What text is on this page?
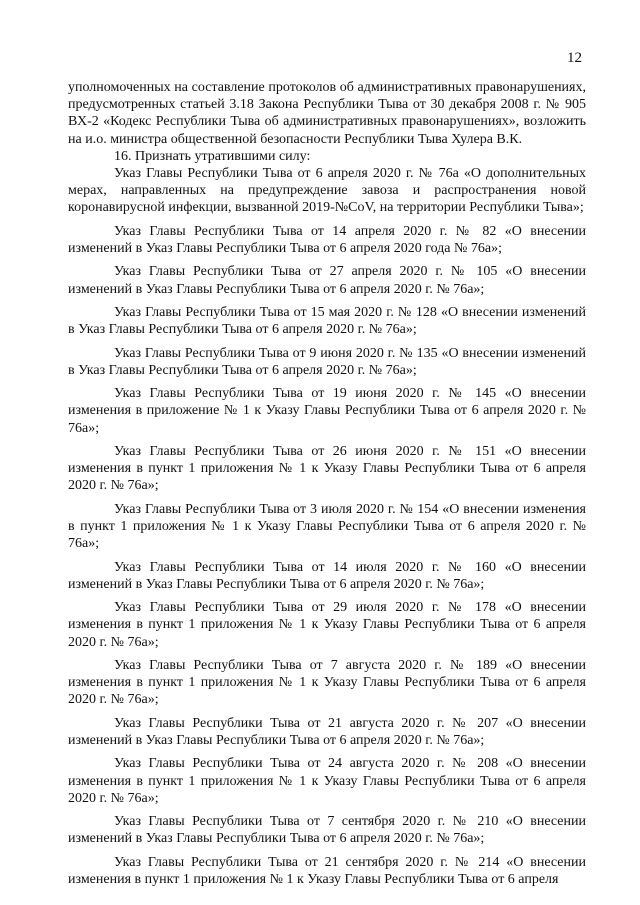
12

уполномоченных на составление протоколов об административных правонарушениях, предусмотренных статьей 3.18 Закона Республики Тыва от 30 декабря 2008 г. № 905 ВХ-2 «Кодекс Республики Тыва об административных правонарушениях», возложить на и.о. министра общественной безопасности Республики Тыва Хулера В.К.

16. Признать утратившими силу:

Указ Главы Республики Тыва от 6 апреля 2020 г. № 76а «О дополнительных мерах, направленных на предупреждение завоза и распространения новой коронавирусной инфекции, вызванной 2019-№CoV, на территории Республики Тыва»;

Указ Главы Республики Тыва от 14 апреля 2020 г. № 82 «О внесении изменений в Указ Главы Республики Тыва от 6 апреля 2020 года № 76а»;

Указ Главы Республики Тыва от 27 апреля 2020 г. № 105 «О внесении изменений в Указ Главы Республики Тыва от 6 апреля 2020 г. № 76а»;

Указ Главы Республики Тыва от 15 мая 2020 г. № 128 «О внесении изменений в Указ Главы Республики Тыва от 6 апреля 2020 г. № 76а»;

Указ Главы Республики Тыва от 9 июня 2020 г. № 135 «О внесении изменений в Указ Главы Республики Тыва от 6 апреля 2020 г. № 76а»;

Указ Главы Республики Тыва от 19 июня 2020 г. № 145 «О внесении изменения в приложение № 1 к Указу Главы Республики Тыва от 6 апреля 2020 г. № 76а»;

Указ Главы Республики Тыва от 26 июня 2020 г. № 151 «О внесении изменения в пункт 1 приложения № 1 к Указу Главы Республики Тыва от 6 апреля 2020 г. № 76а»;

Указ Главы Республики Тыва от 3 июля 2020 г. № 154 «О внесении изменения в пункт 1 приложения № 1 к Указу Главы Республики Тыва от 6 апреля 2020 г. № 76а»;

Указ Главы Республики Тыва от 14 июля 2020 г. № 160 «О внесении изменений в Указ Главы Республики Тыва от 6 апреля 2020 г. № 76а»;

Указ Главы Республики Тыва от 29 июля 2020 г. № 178 «О внесении изменения в пункт 1 приложения № 1 к Указу Главы Республики Тыва от 6 апреля 2020 г. № 76а»;

Указ Главы Республики Тыва от 7 августа 2020 г. № 189 «О внесении изменения в пункт 1 приложения № 1 к Указу Главы Республики Тыва от 6 апреля 2020 г. № 76а»;

Указ Главы Республики Тыва от 21 августа 2020 г. № 207 «О внесении изменений в Указ Главы Республики Тыва от 6 апреля 2020 г. № 76а»;

Указ Главы Республики Тыва от 24 августа 2020 г. № 208 «О внесении изменения в пункт 1 приложения № 1 к Указу Главы Республики Тыва от 6 апреля 2020 г. № 76а»;

Указ Главы Республики Тыва от 7 сентября 2020 г. № 210 «О внесении изменений в Указ Главы Республики Тыва от 6 апреля 2020 г. № 76а»;

Указ Главы Республики Тыва от 21 сентября 2020 г. № 214 «О внесении изменения в пункт 1 приложения № 1 к Указу Главы Республики Тыва от 6 апреля
